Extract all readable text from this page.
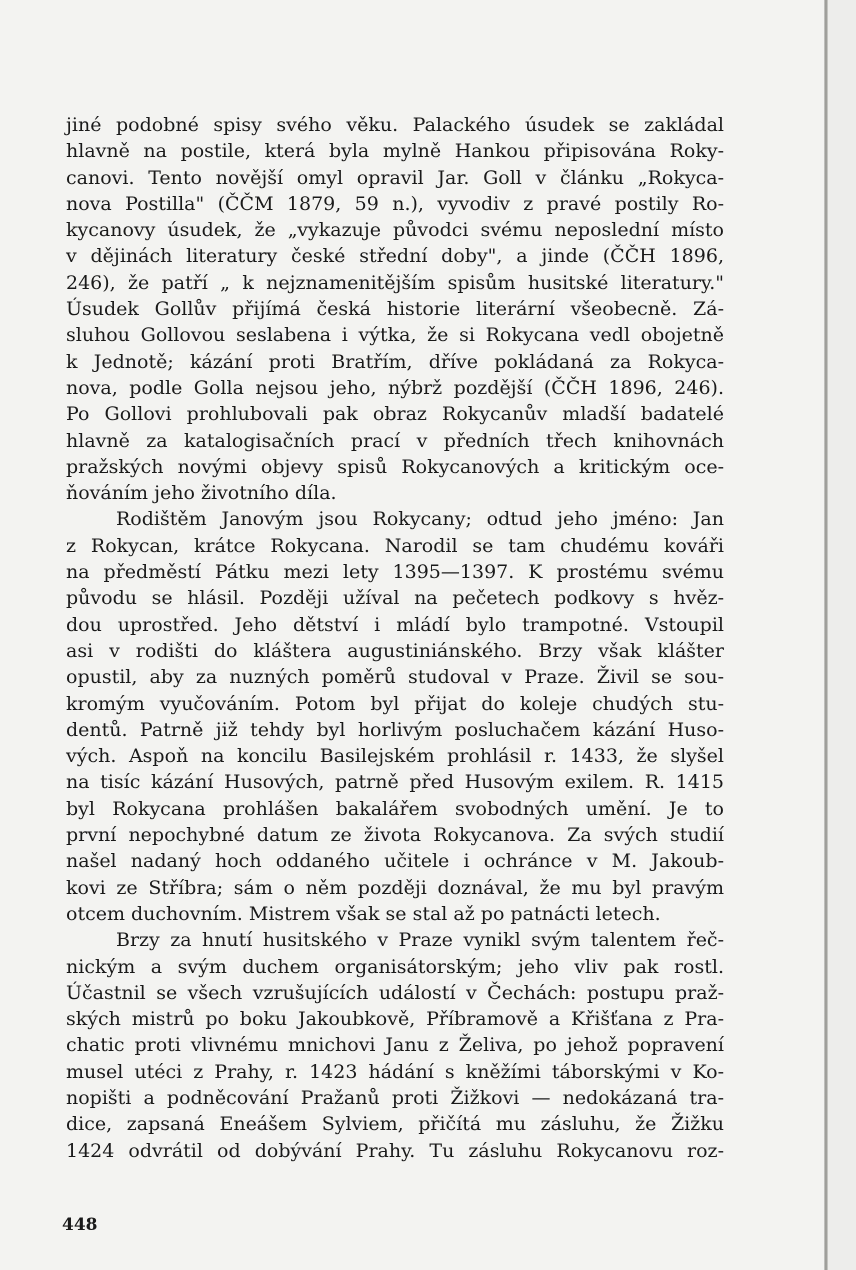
jiné podobné spisy svého věku. Palackého úsudek se zakládal
hlavně na postile, která byla mylně Hankou připisována Roky-
canovi. Tento novější omyl opravil Jar. Goll v článku „Rokyca-
nova Postilla" (ČČM 1879, 59 n.), vyvodiv z pravé postily Ro-
kycanovy úsudek, že „vykazuje původci svému neposlední místo
v dějinách literatury české střední doby", a jinde (ČČH 1896,
246), že patří „ k nejznamenitějším spisům husitské literatury."
Úsudek Gollův přijímá česká historie literární všeobecně. Zá-
sluhou Gollovou seslabena i výtka, že si Rokycana vedl obojetně
k Jednotě; kázání proti Bratřím, dříve pokládaná za Rokyca-
nova, podle Golla nejsou jeho, nýbrž pozdější (ČČH 1896, 246).
Po Gollovi prohlubovali pak obraz Rokycanův mladší badatelé
hlavně za katalogisačních prací v předních třech knihovnách
pražských novými objevy spisů Rokycanových a kritickým oce-
ňováním jeho životního díla.
Rodištěm Janovým jsou Rokycany; odtud jeho jméno: Jan
z Rokycan, krátce Rokycana. Narodil se tam chudému kováři
na předměstí Pátku mezi lety 1395—1397. K prostému svému
původu se hlásil. Později užíval na pečetech podkovy s hvěz-
dou uprostřed. Jeho dětství i mládí bylo trampotné. Vstoupil
asi v rodišti do kláštera augustiniánského. Brzy však klášter
opustil, aby za nuzných poměrů studoval v Praze. Živil se sou-
kromým vyučováním. Potom byl přijat do koleje chudých stu-
dentů. Patrně již tehdy byl horlivým posluchačem kázání Huso-
vých. Aspoň na koncilu Basilejském prohlásil r. 1433, že slyšel
na tisíc kázání Husových, patrně před Husovým exilem. R. 1415
byl Rokycana prohlášen bakalářem svobodných umění. Je to
první nepochybné datum ze života Rokycanova. Za svých studií
našel nadaný hoch oddaného učitele i ochránce v M. Jakoub-
kovi ze Stříbra; sám o něm později doznával, že mu byl pravým
otcem duchovním. Mistrem však se stal až po patnácti letech.
Brzy za hnutí husitského v Praze vynikl svým talentem řeč-
nickým a svým duchem organisátorským; jeho vliv pak rostl.
Účastnil se všech vzrušujících událostí v Čechách: postupu praž-
ských mistrů po boku Jakoubkově, Příbramově a Křišťana z Pra-
chatic proti vlivnému mnichovi Janu z Želiva, po jehož popravení
musel utéci z Prahy, r. 1423 hádání s kněžími táborskými v Ko-
nopišti a podněcování Pražanů proti Žižkovi — nedokázaná tra-
dice, zapsaná Eneášem Sylviem, přičítá mu zásluhu, že Žižku
1424 odvrátil od dobývání Prahy. Tu zásluhu Rokycanovu roz-
448
